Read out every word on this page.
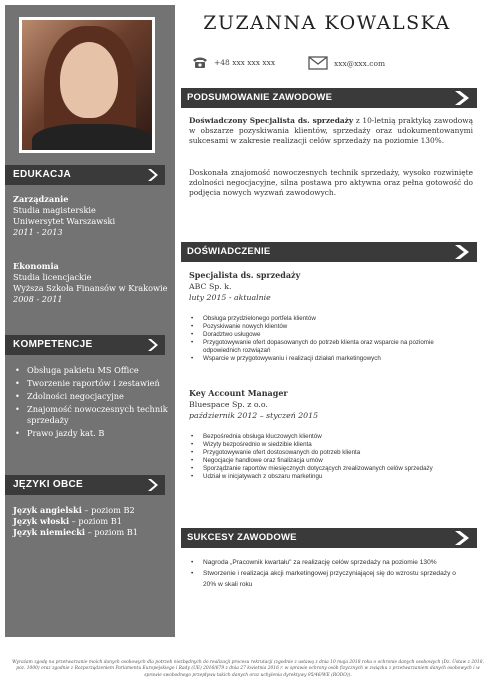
EDUKACJA
Zarządzanie
Studia magisterskie
Uniwersytet Warszawski
2011 - 2013
Ekonomia
Studia licencjackie
Wyższa Szkoła Finansów w Krakowie
2008 - 2011
KOMPETENCJE
• Obsługa pakietu MS Office
• Tworzenie raportów i zestawień
• Zdolności negocjacyjne
• Znajomość nowoczesnych technik sprzedaży
• Prawo jazdy kat. B
JĘZYKI OBCE
Język angielski – poziom B2
Język włoski – poziom B1
Język niemiecki – poziom B1
ZUZANNA KOWALSKA
+48 xxx xxx xxx	xxx@xxx.com
PODSUMOWANIE ZAWODOWE
Doświadczony Specjalista ds. sprzedaży z 10-letnią praktyką zawodową w obszarze pozyskiwania klientów, sprzedaży oraz udokumentowanymi sukcesami w zakresie realizacji celów sprzedaży na poziomie 130%.
Doskonała znajomość nowoczesnych technik sprzedaży, wysoko rozwinięte zdolności negocjacyjne, silna postawa pro aktywna oraz pełna gotowość do podjęcia nowych wyzwań zawodowych.
DOŚWIADCZENIE
Specjalista ds. sprzedaży
ABC Sp. k.
luty 2015 - aktualnie
• Obsługa przydzielonego portfela klientów
• Pozyskiwanie nowych klientów
• Doradztwo usługowe
• Przygotowywanie ofert dopasowanych do potrzeb klienta oraz wsparcie na poziomie odpowiednich rozwiązań
• Wsparcie w przygotowywaniu i realizacji działań marketingowych
Key Account Manager
Bluespace Sp. z o.o.
październik 2012 – styczeń 2015
• Bezpośrednia obsługa kluczowych klientów
• Wizyty bezpośrednio w siedzibie klienta
• Przygotowywanie ofert dostosowanych do potrzeb klienta
• Negocjacje handlowe oraz finalizacja umów
• Sporządzanie raportów miesięcznych dotyczących zrealizowanych celów sprzedaży
• Udział w inicjatywach z obszaru marketingu
SUKCESY ZAWODOWE
• Nagroda „Pracownik kwartału" za realizację celów sprzedaży na poziomie 130%
• Stworzenie i realizacja akcji marketingowej przyczyniającej się do wzrostu sprzedaży o 20% w skali roku
Wyrażam zgodę na przetwarzanie moich danych osobowych dla potrzeb niezbędnych do realizacji procesu rekrutacji (zgodnie z ustawą z dnia 10 maja 2018 roku o ochronie danych osobowych (Dz. Ustaw z 2018, poz. 1000) oraz zgodnie z Rozporządzeniem Parlamentu Europejskiego i Rady (UE) 2016/679 z dnia 27 kwietnia 2016 r. w sprawie ochrony osób fizycznych w związku z przetwarzaniem danych osobowych i w sprawie swobodnego przepływu takich danych oraz uchylenia dyrektywy 95/46/WE (RODO)).
